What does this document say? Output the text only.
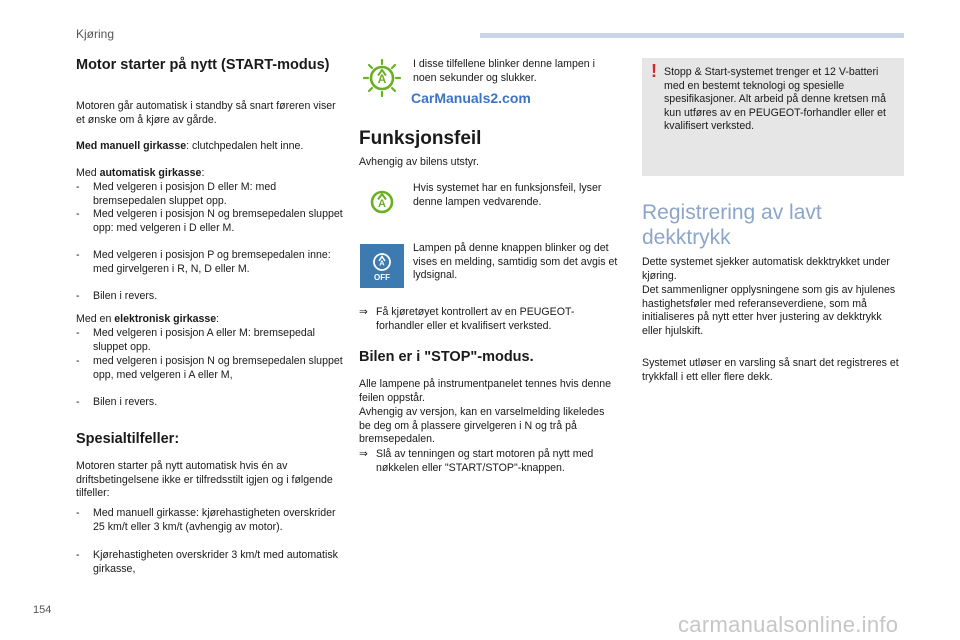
Kjøring
Motor starter på nytt (START-modus)

Motoren går automatisk i standby så snart føreren viser et ønske om å kjøre av gårde.

Med manuell girkasse: clutchpedalen helt inne.
Med automatisk girkasse:
-	Med velgeren i posisjon D eller M: med bremsepedalen sluppet opp.
-	Med velgeren i posisjon N og bremsepedalen sluppet opp: med velgeren i D eller M.
-	Med velgeren i posisjon P og bremsepedalen inne: med girvelgeren i R, N, D eller M.
-	Bilen i revers.
Med en elektronisk girkasse:
-	Med velgeren i posisjon A eller M: bremsepedal sluppet opp.
-	med velgeren i posisjon N og bremsepedalen sluppet opp, med velgeren i A eller M,
-	Bilen i revers.
Spesialtilfeller:

Motoren starter på nytt automatisk hvis én av driftsbetingelsene ikke er tilfredsstilt igjen og i følgende tilfeller:

-	Med manuell girkasse: kjørehastigheten overskrider 25 km/t eller 3 km/t (avhengig av motor).
-	Kjørehastigheten overskrider 3 km/t med automatisk girkasse,
A
I disse tilfellene blinker denne lampen i noen sekunder og slukker.
Funksjonsfeil

Avhengig av bilens utstyr.

A
Hvis systemet har en funksjonsfeil, lyser denne lampen vedvarende.
A
OFF
Lampen på denne knappen blinker og det vises en melding, samtidig som det avgis et lydsignal.
⇒ Få kjøretøyet kontrollert av en PEUGEOT-forhandler eller et kvalifisert verksted.
Bilen er i "STOP"-modus.

Alle lampene på instrumentpanelet tennes hvis denne feilen oppstår.

Avhengig av versjon, kan en varselmelding likeledes be deg om å plassere girvelgeren i N og trå på bremsepedalen.

⇒ Slå av tenningen og start motoren på nytt med nøkkelen eller "START/STOP"-knappen.
! Stopp & Start-systemet trenger et 12 V-batteri med en bestemt teknologi og spesielle spesifikasjoner. Alt arbeid på denne kretsen må kun utføres av en PEUGEOT-forhandler eller et kvalifisert verksted.
Registrering av lavt dekktrykk

Dette systemet sjekker automatisk dekktrykket under kjøring.

Det sammenligner opplysningene som gis av hjulenes hastighetsføler med referanseverdiene, som må initialiseres på nytt etter hver justering av dekktrykk eller hjulskift.

Systemet utløser en varsling så snart det registreres et trykkfall i ett eller flere dekk.

CarManuals2.com
154
carmanualsonline.info
